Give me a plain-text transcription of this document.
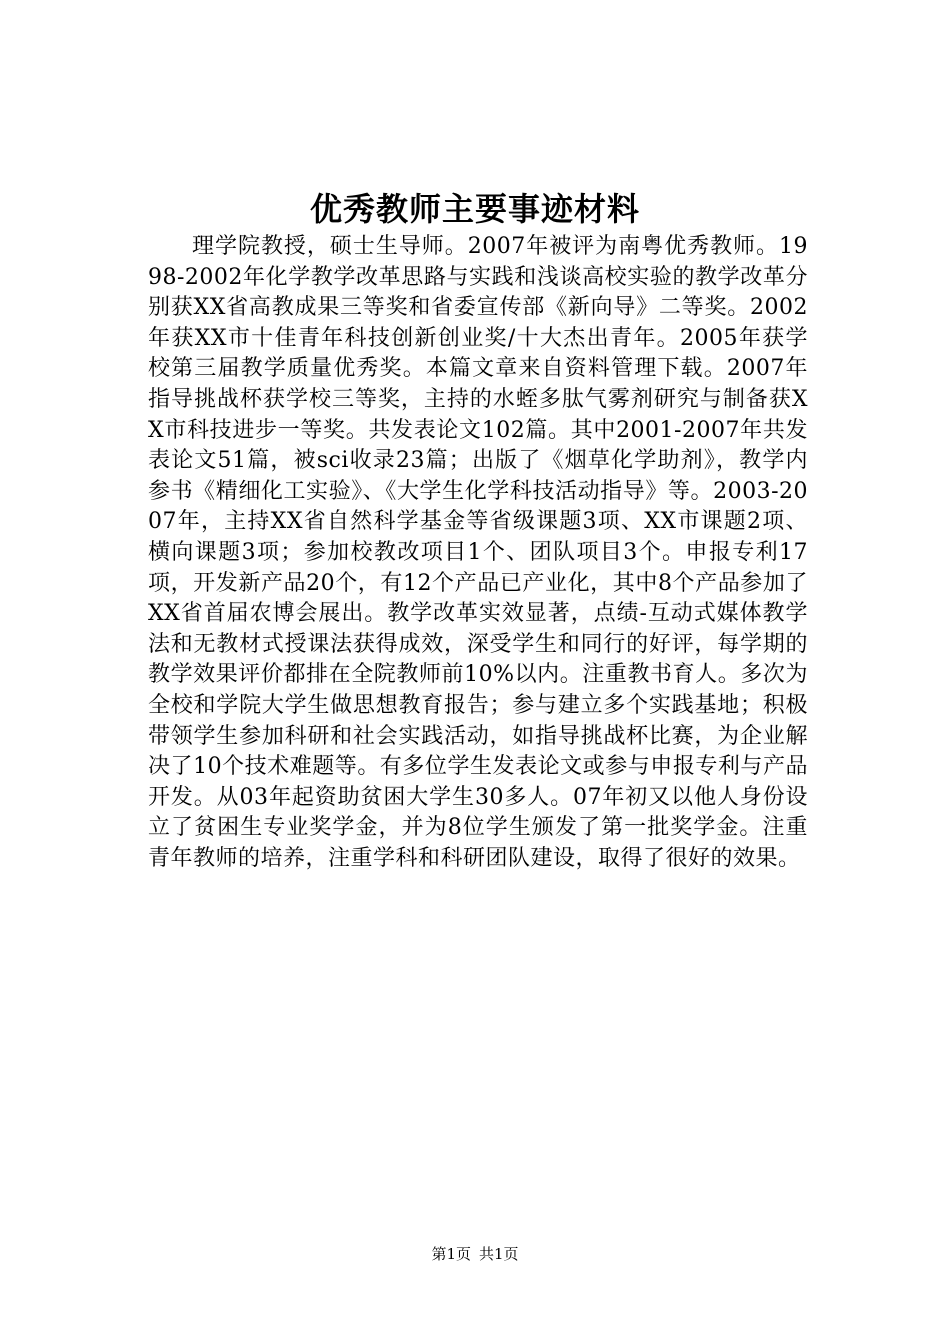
优秀教师主要事迹材料

理学院教授，硕士生导师。2007年被评为南粤优秀教师。1998-2002年化学教学改革思路与实践和浅谈高校实验的教学改革分别获XX省高教成果三等奖和省委宣传部《新向导》二等奖。2002年获XX市十佳青年科技创新创业奖/十大杰出青年。2005年获学校第三届教学质量优秀奖。本篇文章来自资料管理下载。2007年指导挑战杯获学校三等奖，主持的水蛭多肽气雾剂研究与制备获XX市科技进步一等奖。共发表论文102篇。其中2001-2007年共发表论文51篇，被sci收录23篇；出版了《烟草化学助剂》，教学内参书《精细化工实验》、《大学生化学科技活动指导》等。2003-2007年，主持XX省自然科学基金等省级课题3项、XX市课题2项、横向课题3项；参加校教改项目1个、团队项目3个。申报专利17项，开发新产品20个，有12个产品已产业化，其中8个产品参加了XX省首届农博会展出。教学改革实效显著，点绩-互动式媒体教学法和无教材式授课法获得成效，深受学生和同行的好评，每学期的教学效果评价都排在全院教师前10%以内。注重教书育人。多次为全校和学院大学生做思想教育报告；参与建立多个实践基地；积极带领学生参加科研和社会实践活动，如指导挑战杯比赛，为企业解决了10个技术难题等。有多位学生发表论文或参与申报专利与产品开发。从03年起资助贫困大学生30多人。07年初又以他人身份设立了贫困生专业奖学金，并为8位学生颁发了第一批奖学金。注重青年教师的培养，注重学科和科研团队建设，取得了很好的效果。

第1页 共1页
